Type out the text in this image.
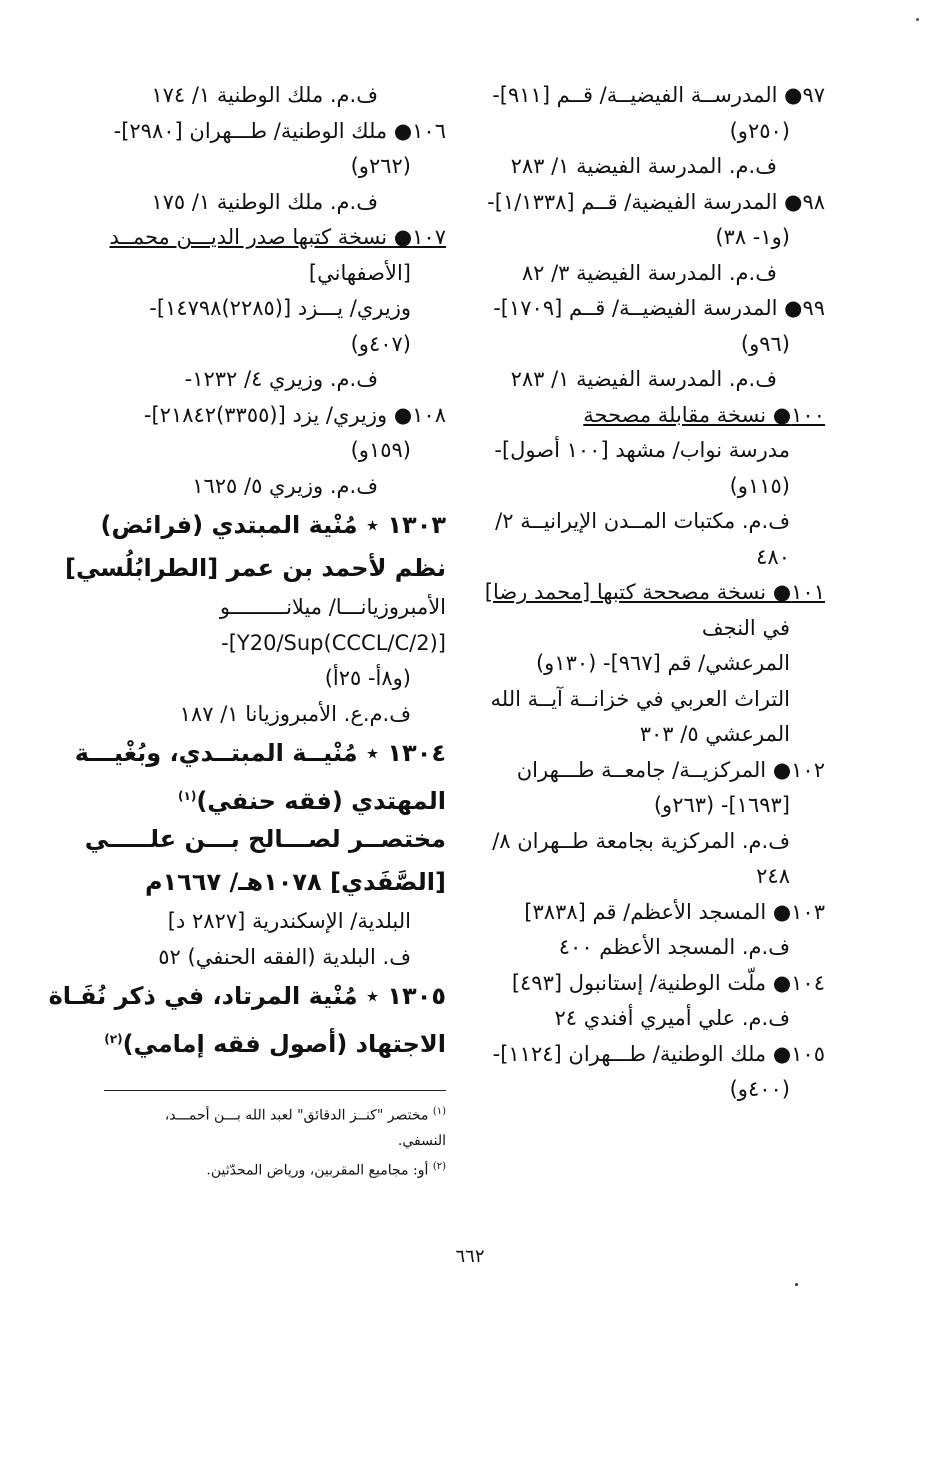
٩٧● المدرســة الفيضيــة/ قــم [٩١١]-
(٢٥٠و)
ف.م. المدرسة الفيضية ١/ ٢٨٣
٩٨● المدرسة الفيضية/ قــم [١/١٣٣٨]-
(و١- ٣٨)
ف.م. المدرسة الفيضية ٣/ ٨٢
٩٩● المدرسة الفيضيــة/ قــم [١٧٠٩]-
(٩٦و)
ف.م. المدرسة الفيضية ١/ ٢٨٣
١٠٠● نسخة مقابلة مصححة
مدرسة نواب/ مشهد [١٠٠ أصول]-
(١١٥و)
ف.م. مكتبات المــدن الإيرانيــة ٢/
٤٨٠
١٠١● نسخة مصححة كتبها [محمد رضا]
في النجف
المرعشي/ قم [٩٦٧]- (١٣٠و)
التراث العربي في خزانــة آيــة الله
المرعشي ٥/ ٣٠٣
١٠٢● المركزيــة/ جامعــة طـــهران
[١٦٩٣]- (٢٦٣و)
ف.م. المركزية بجامعة طــهران ٨/
٢٤٨
١٠٣● المسجد الأعظم/ قم [٣٨٣٨]
ف.م. المسجد الأعظم ٤٠٠
١٠٤● ملّت الوطنية/ إستانبول [٤٩٣]
ف.م. علي أميري أفندي ٢٤
١٠٥● ملك الوطنية/ طـــهران [١١٢٤]-
(٤٠٠و)
ف.م. ملك الوطنية ١/ ١٧٤
١٠٦● ملك الوطنية/ طـــهران [٢٩٨٠]-
(٢٦٢و)
ف.م. ملك الوطنية ١/ ١٧٥
١٠٧● نسخة كتبها صدر الديـــن محمــد
[الأصفهاني]
وزيري/ يـــزد [(٢٢٨٥)١٤٧٩٨]-
(٤٠٧و)
ف.م. وزيري ٤/ ١٢٣٢-
١٠٨● وزيري/ يزد [(٣٣٥٥)٢١٨٤٢]-
(١٥٩و)
ف.م. وزيري ٥/ ١٦٢٥
١٣٠٣ ٭ مُنْية المبتدي (فرائض)
نظم لأحمد بن عمر [الطرابُلُسي]
الأمبروزيانـــا/ ميلانـــــــــو
[(CCCL/C/2)Y20/Sup]-
(و٨أ- ٢٥أ)
ف.م.ع. الأمبروزيانا ١/ ١٨٧
١٣٠٤ ٭ مُنْيــة المبتــدي، وبُغْيـــة
المهتدي (فقه حنفي)$^{(١)}$
مختصــر لصـــالح بـــن علـــــي
[الصَّفَدي] ١٠٧٨هـ/ ١٦٦٧م
البلدية/ الإسكندرية [٢٨٢٧ د]
ف. البلدية (الفقه الحنفي) ٥٢
١٣٠٥ ٭ مُنْية المرتاد، في ذكر نُفَـاة
الاجتهاد (أصول فقه إمامي)$^{(٢)}$
$^{(١)}$ مختصر "كنــز الدقائق" لعبد الله بـــن أحمـــد،
النسفي.
$^{(٢)}$ أو: مجاميع المقربين، ورياض المحدّثين.
٦٦٢
